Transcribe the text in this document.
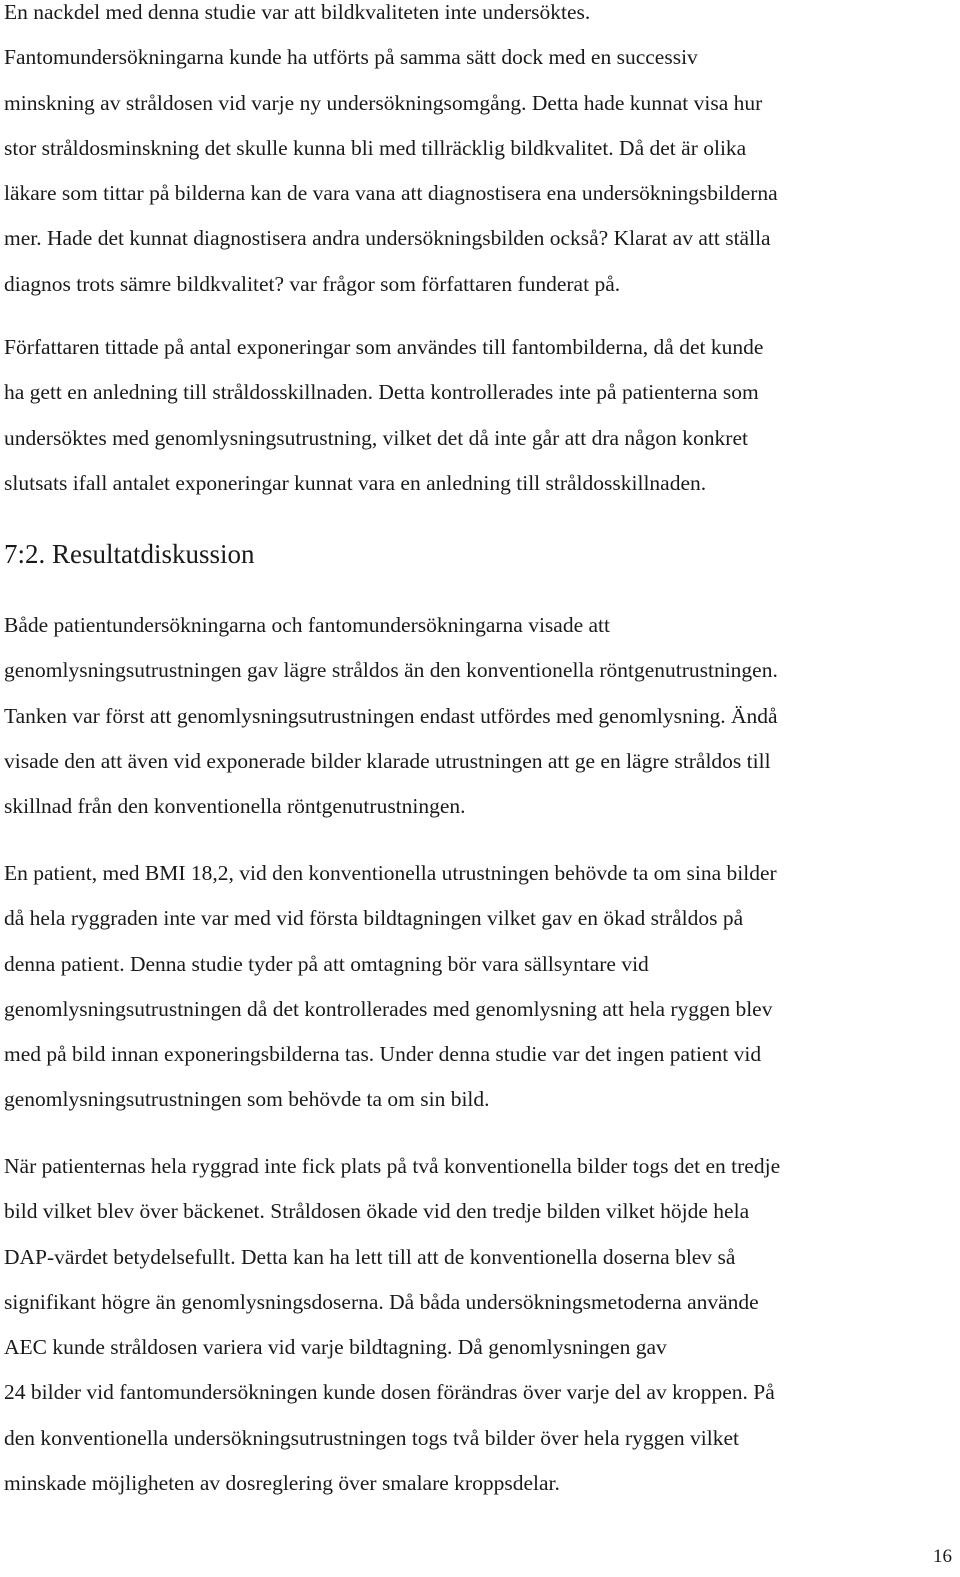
En nackdel med denna studie var att bildkvaliteten inte undersöktes.
Fantomundersökningarna kunde ha utförts på samma sätt dock med en successiv
minskning av stråldosen vid varje ny undersökningsomgång. Detta hade kunnat visa hur
stor stråldosminskning det skulle kunna bli med tillräcklig bildkvalitet. Då det är olika
läkare som tittar på bilderna kan de vara vana att diagnostisera ena undersökningsbilderna
mer. Hade det kunnat diagnostisera andra undersökningsbilden också? Klarat av att ställa
diagnos trots sämre bildkvalitet? var frågor som författaren funderat på.

Författaren tittade på antal exponeringar som användes till fantombilderna, då det kunde
ha gett en anledning till stråldosskillnaden. Detta kontrollerades inte på patienterna som
undersöktes med genomlysningsutrustning, vilket det då inte går att dra någon konkret
slutsats ifall antalet exponeringar kunnat vara en anledning till stråldosskillnaden.

7:2. Resultatdiskussion

Både patientundersökningarna och fantomundersökningarna visade att
genomlysningsutrustningen gav lägre stråldos än den konventionella röntgenutrustningen.
Tanken var först att genomlysningsutrustningen endast utfördes med genomlysning. Ändå
visade den att även vid exponerade bilder klarade utrustningen att ge en lägre stråldos till
skillnad från den konventionella röntgenutrustningen.

En patient, med BMI 18,2, vid den konventionella utrustningen behövde ta om sina bilder
då hela ryggraden inte var med vid första bildtagningen vilket gav en ökad stråldos på
denna patient. Denna studie tyder på att omtagning bör vara sällsyntare vid
genomlysningsutrustningen då det kontrollerades med genomlysning att hela ryggen blev
med på bild innan exponeringsbilderna tas. Under denna studie var det ingen patient vid
genomlysningsutrustningen som behövde ta om sin bild.

När patienternas hela ryggrad inte fick plats på två konventionella bilder togs det en tredje
bild vilket blev över bäckenet. Stråldosen ökade vid den tredje bilden vilket höjde hela
DAP-värdet betydelsefullt. Detta kan ha lett till att de konventionella doserna blev så
signifikant högre än genomlysningsdoserna. Då båda undersökningsmetoderna använde
AEC kunde stråldosen variera vid varje bildtagning. Då genomlysningen gav
24 bilder vid fantomundersökningen kunde dosen förändras över varje del av kroppen. På
den konventionella undersökningsutrustningen togs två bilder över hela ryggen vilket
minskade möjligheten av dosreglering över smalare kroppsdelar.

16
